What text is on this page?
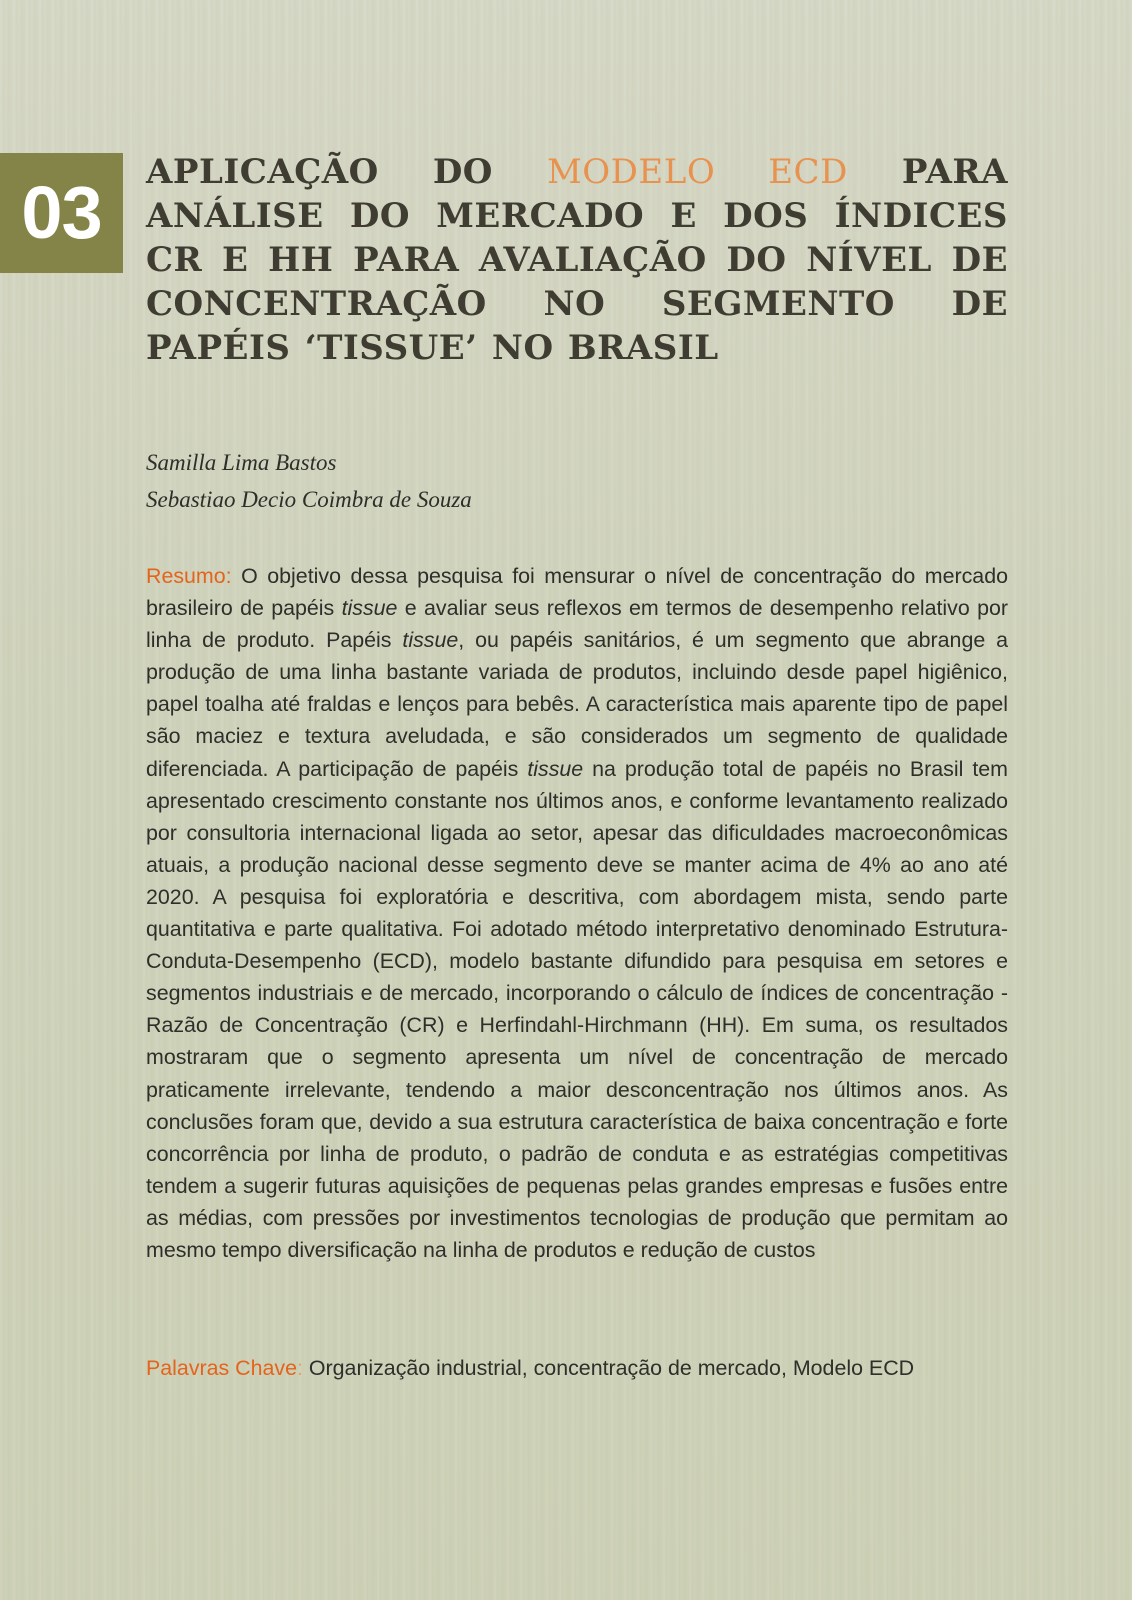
03	APLICAÇÃO DO MODELO ECD PARA ANÁLISE DO MERCADO E DOS ÍNDICES CR E HH PARA AVALIAÇÃO DO NÍVEL DE CONCENTRAÇÃO NO SEGMENTO DE PAPÉIS ‘TISSUE’ NO BRASIL
Samilla Lima Bastos
Sebastiao Decio Coimbra de Souza

Resumo: O objetivo dessa pesquisa foi mensurar o nível de concentração do mercado brasileiro de papéis tissue e avaliar seus reflexos em termos de desempenho relativo por linha de produto. Papéis tissue, ou papéis sanitários, é um segmento que abrange a produção de uma linha bastante variada de produtos, incluindo desde papel higiênico, papel toalha até fraldas e lenços para bebês. A característica mais aparente tipo de papel são maciez e textura aveludada, e são considerados um segmento de qualidade diferenciada. A participação de papéis tissue na produção total de papéis no Brasil tem apresentado crescimento constante nos últimos anos, e conforme levantamento realizado por consultoria internacional ligada ao setor, apesar das dificuldades macroeconômicas atuais, a produção nacional desse segmento deve se manter acima de 4% ao ano até 2020. A pesquisa foi exploratória e descritiva, com abordagem mista, sendo parte quantitativa e parte qualitativa. Foi adotado método interpretativo denominado Estrutura-Conduta-Desempenho (ECD), modelo bastante difundido para pesquisa em setores e segmentos industriais e de mercado, incorporando o cálculo de índices de concentração -Razão de Concentração (CR) e Herfindahl-Hirchmann (HH). Em suma, os resultados mostraram que o segmento apresenta um nível de concentração de mercado praticamente irrelevante, tendendo a maior desconcentração nos últimos anos. As conclusões foram que, devido a sua estrutura característica de baixa concentração e forte concorrência por linha de produto, o padrão de conduta e as estratégias competitivas tendem a sugerir futuras aquisições de pequenas pelas grandes empresas e fusões entre as médias, com pressões por investimentos tecnologias de produção que permitam ao mesmo tempo diversificação na linha de produtos e redução de custos

Palavras Chave: Organização industrial, concentração de mercado, Modelo ECD
